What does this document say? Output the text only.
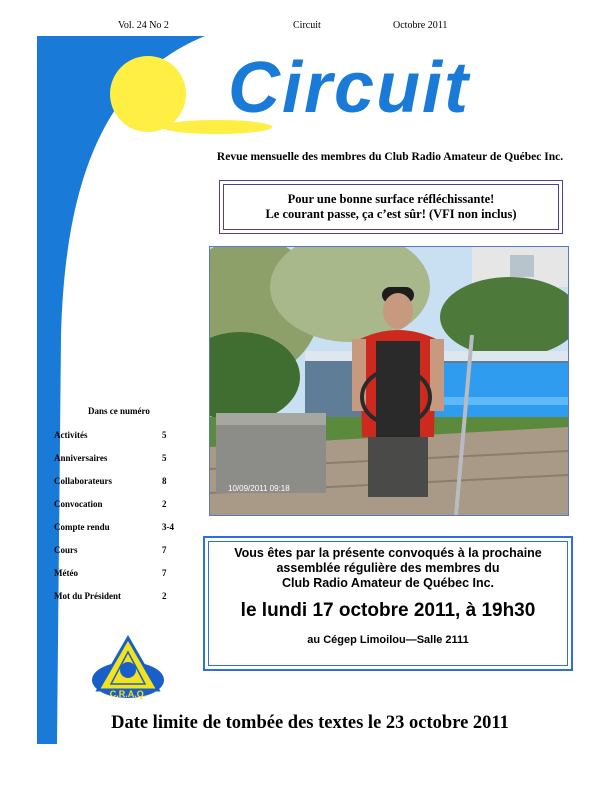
Vol. 24 No 2	Circuit	Octobre 2011
Circuit
Revue mensuelle des membres du Club Radio Amateur de Québec Inc.
Pour une bonne surface réfléchissante!
Le courant passe, ça c’est sûr! (VFI non inclus)
10/09/2011 09:18
Dans ce numéro
Activités	5
Anniversaires	5
Collaborateurs	8
Convocation	2
Compte rendu	3-4
Cours	7
Météo	7
Mot du Président	2
Vous êtes par la présente convoqués à la prochaine
assemblée régulière des membres du
Club Radio Amateur de Québec Inc.
le lundi 17 octobre 2011, à 19h30
au Cégep Limoilou—Salle 2111
C.R.A.Q.
Date limite de tombée des textes le 23 octobre 2011
